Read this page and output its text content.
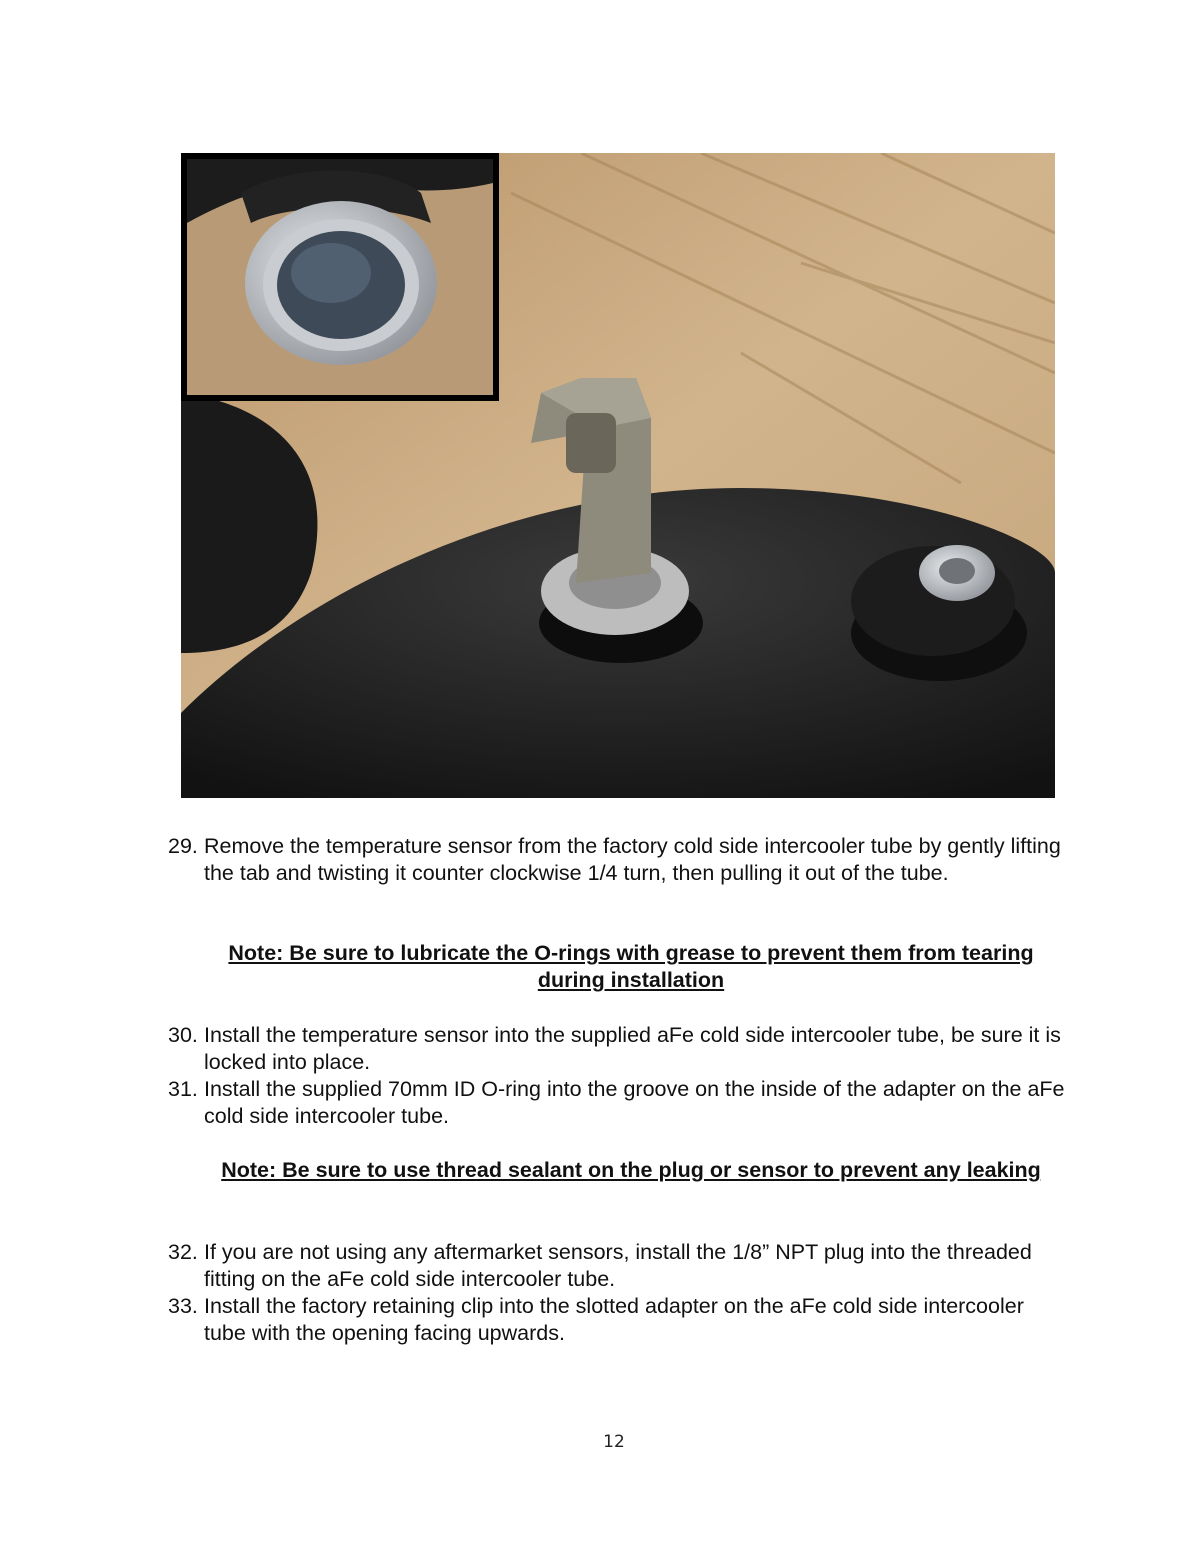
29. Remove the temperature sensor from the factory cold side intercooler tube by gently lifting the tab and twisting it counter clockwise 1/4 turn, then pulling it out of the tube.
Note: Be sure to lubricate the O-rings with grease to prevent them from tearing during installation
30. Install the temperature sensor into the supplied aFe cold side intercooler tube, be sure it is locked into place.
31. Install the supplied 70mm ID O-ring into the groove on the inside of the adapter on the aFe cold side intercooler tube.
Note: Be sure to use thread sealant on the plug or sensor to prevent any leaking
32. If you are not using any aftermarket sensors, install the 1/8” NPT plug into the threaded fitting on the aFe cold side intercooler tube.
33. Install the factory retaining clip into the slotted adapter on the aFe cold side intercooler tube with the opening facing upwards.
12
